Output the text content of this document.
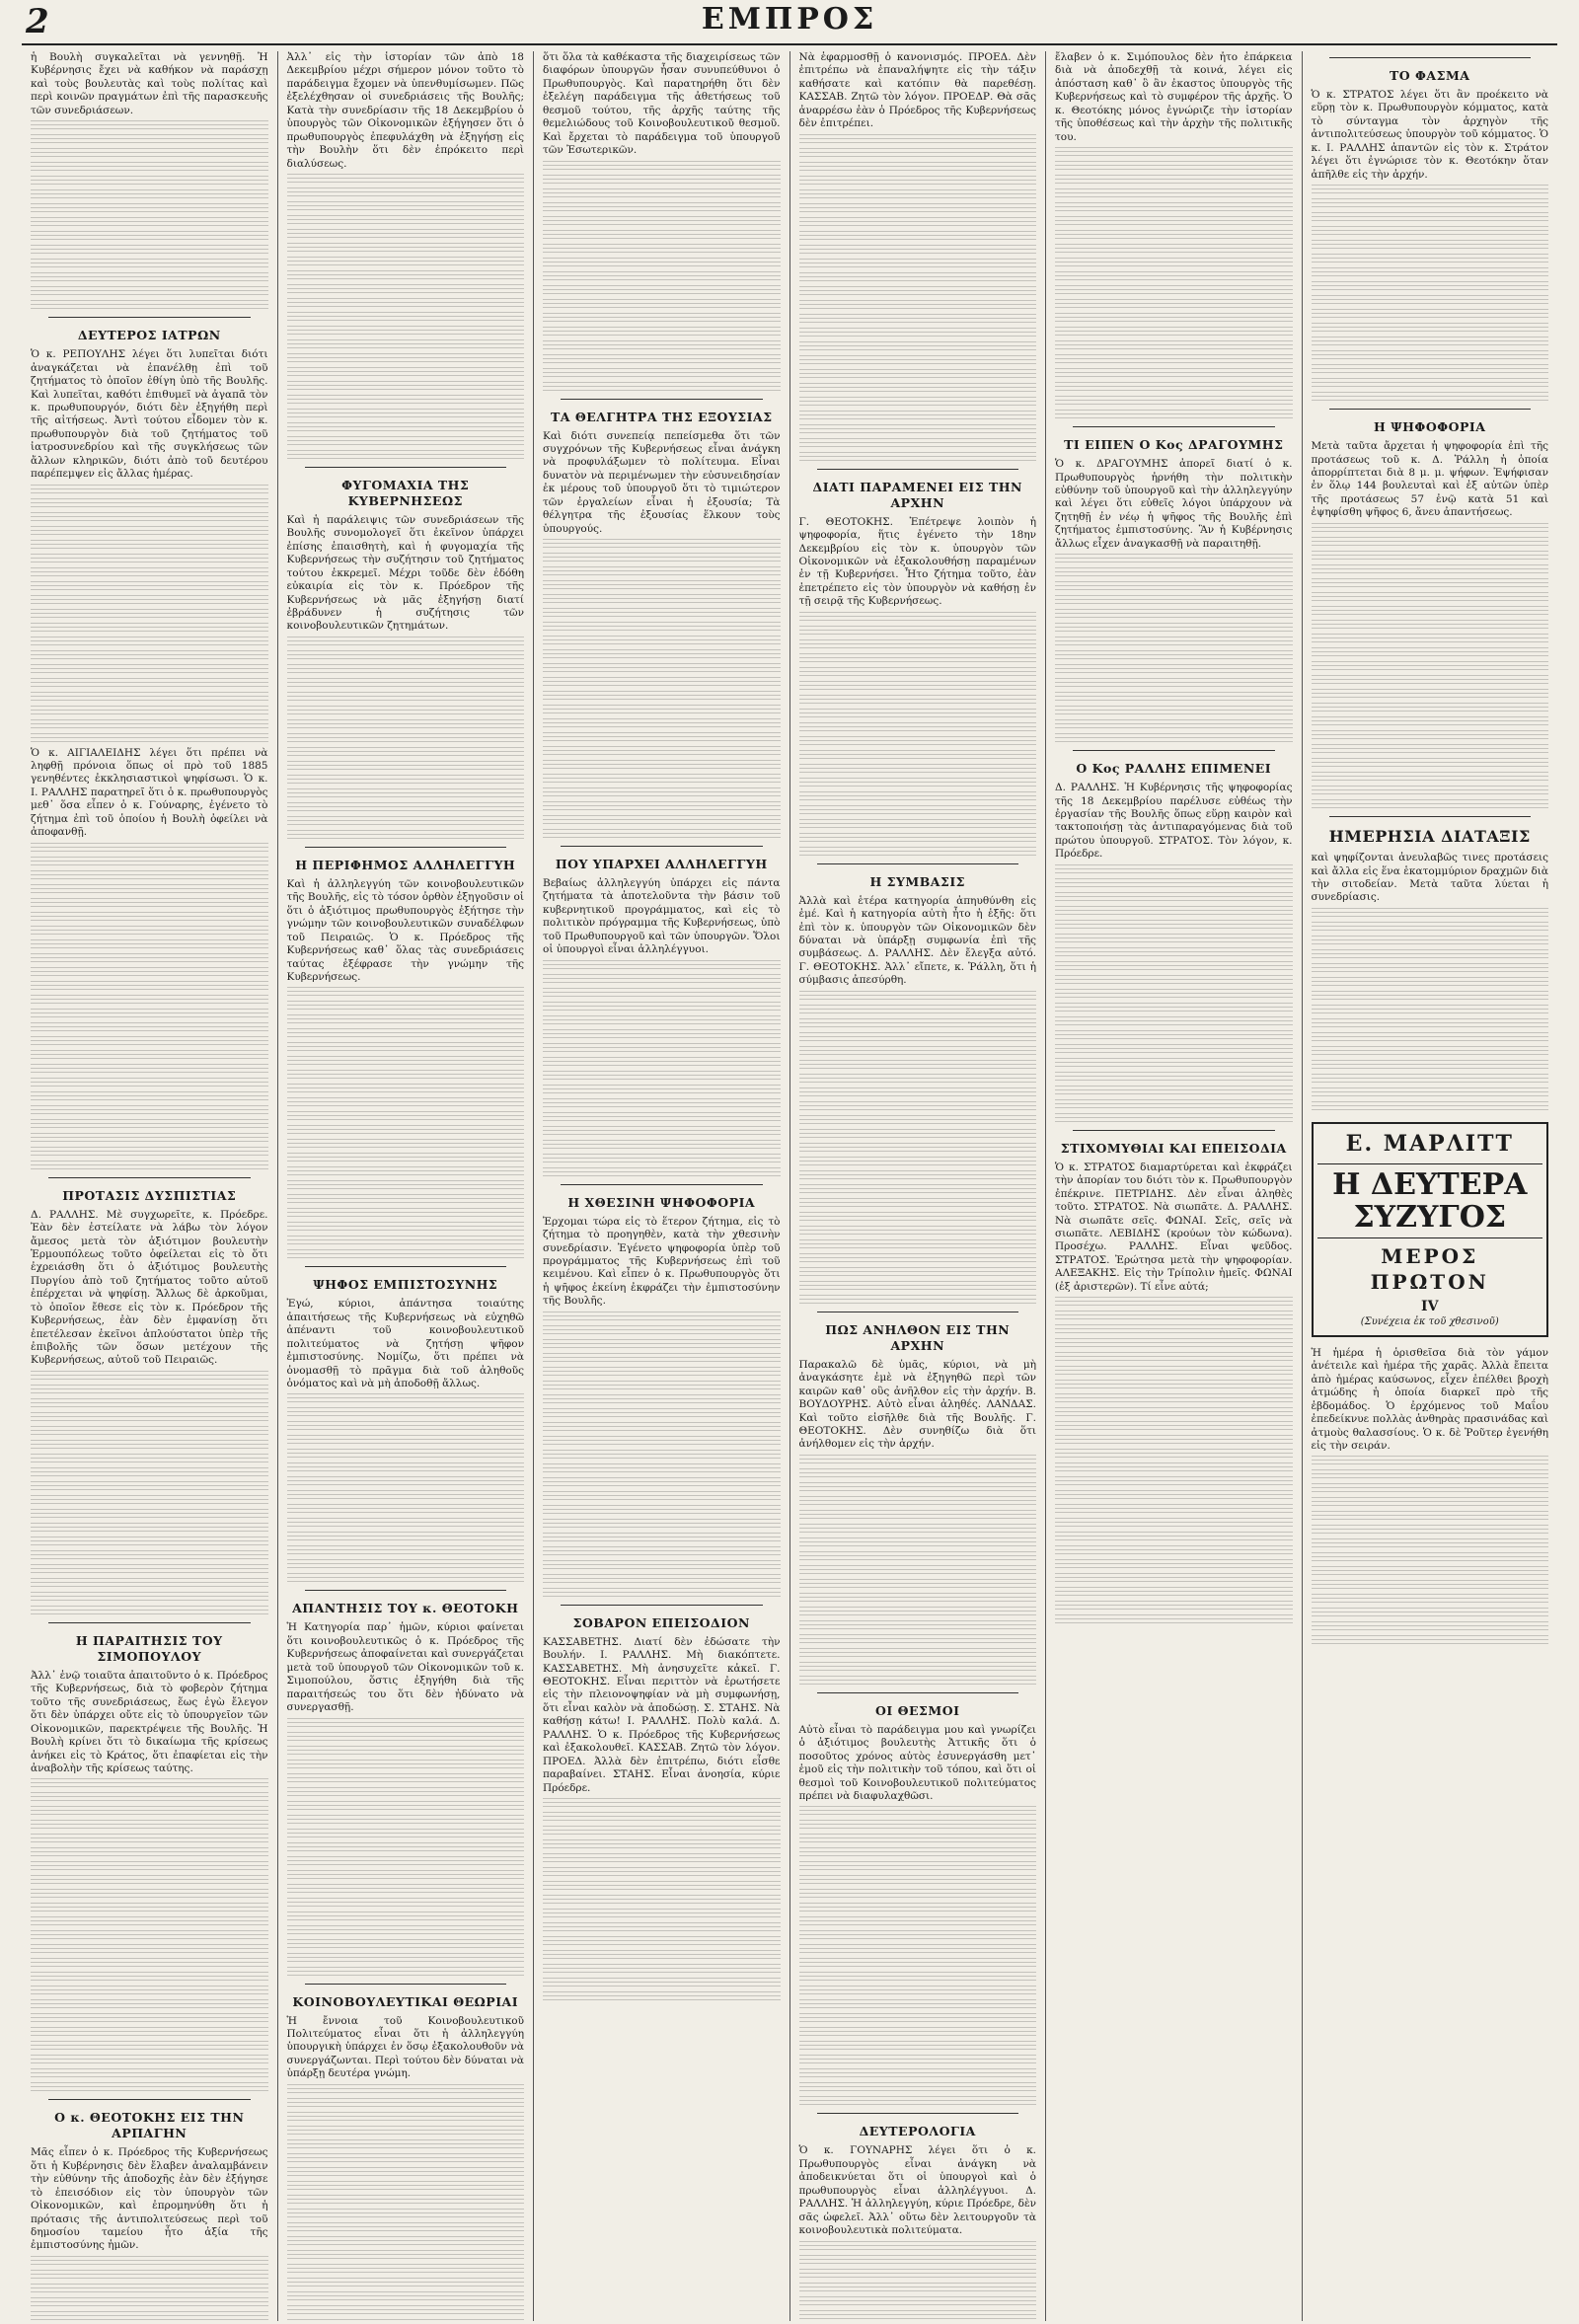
2	ΕΜΠΡΟΣ

ἡ Βουλὴ συγκαλεῖται νὰ γεννηθῇ. Ἡ Κυβέρνησις ἔχει νὰ καθήκον νὰ παράσχῃ καὶ τοὺς βουλευτὰς καὶ τοὺς πολίτας καὶ περὶ κοινῶν πραγμάτων ἐπὶ τῆς παρασκευῆς τῶν συνεδριάσεων.

ΔΕΥΤΕΡΟΣ ΙΑΤΡΩΝ

Ὁ κ. ΡΕΠΟΥΛΗΣ λέγει ὅτι λυπεῖται διότι ἀναγκάζεται νὰ ἐπανέλθῃ ἐπὶ τοῦ ζητήματος τὸ ὁποῖον ἐθίγη ὑπὸ τῆς Βουλῆς. Καὶ λυπεῖται, καθότι ἐπιθυμεῖ νὰ ἀγαπᾶ τὸν κ. πρωθυπουργόν, διότι δὲν ἐξηγήθη περὶ τῆς αἰτήσεως. Ἀντὶ τούτου εἶδομεν τὸν κ. πρωθυπουργὸν διὰ τοῦ ζητήματος τοῦ ἰατροσυνεδρίου καὶ τῆς συγκλήσεως τῶν ἄλλων κληρικῶν, διότι ἀπὸ τοῦ δευτέρου παρέπεμψεν εἰς ἄλλας ἡμέρας.

Ὁ κ. ΑΙΓΙΑΛΕΙΔΗΣ λέγει ὅτι πρέπει νὰ ληφθῇ πρόνοια ὅπως οἱ πρὸ τοῦ 1885 γενηθέντες ἐκκλησιαστικοὶ ψηφίσωσι. Ὁ κ. Ι. ΡΑΛΛΗΣ παρατηρεῖ ὅτι ὁ κ. πρωθυπουργὸς μεθ᾽ ὅσα εἶπεν ὁ κ. Γούναρης, ἐγένετο τὸ ζήτημα ἐπὶ τοῦ ὁποίου ἡ Βουλὴ ὀφείλει νὰ ἀποφανθῇ.

ΠΡΟΤΑΣΙΣ ΔΥΣΠΙΣΤΙΑΣ

Δ. ΡΑΛΛΗΣ. Μὲ συγχωρεῖτε, κ. Πρόεδρε. Ἐὰν δὲν ἐστείλατε νὰ λάβω τὸν λόγον ἄμεσος μετὰ τὸν ἀξιότιμον βουλευτὴν Ἑρμουπόλεως τοῦτο ὀφείλεται εἰς τὸ ὅτι ἐχρειάσθη ὅτι ὁ ἀξιότιμος βουλευτὴς Πυργίου ἀπὸ τοῦ ζητήματος τοῦτο αὐτοῦ ἐπέρχεται νὰ ψηφίσῃ. Ἄλλως δὲ ἀρκοῦμαι, τὸ ὁποῖον ἔθεσε εἰς τὸν κ. Πρόεδρον τῆς Κυβερνήσεως, ἐὰν δὲν ἐμφανίσῃ ὅτι ἐπετέλεσαν ἐκεῖνοι ἀπλούστατοι ὑπὲρ τῆς ἐπιβολῆς τῶν ὅσων μετέχουν τῆς Κυβερνήσεως, αὐτοῦ τοῦ Πειραιῶς.

Η ΠΑΡΑΙΤΗΣΙΣ ΤΟΥ ΣΙΜΟΠΟΥΛΟΥ

Ἀλλ᾽ ἐνῷ τοιαῦτα ἀπαιτοῦντο ὁ κ. Πρόεδρος τῆς Κυβερνήσεως, διὰ τὸ φοβερὸν ζήτημα τοῦτο τῆς συνεδριάσεως, ἕως ἐγὼ ἔλεγον ὅτι δὲν ὑπάρχει οὔτε εἰς τὸ ὑπουργεῖον τῶν Οἰκονομικῶν, παρεκτρέψειε τῆς Βουλῆς. Ἡ Βουλὴ κρίνει ὅτι τὸ δικαίωμα τῆς κρίσεως ἀνήκει εἰς τὸ Κράτος, ὅτι ἐπαφίεται εἰς τὴν ἀναβολὴν τῆς κρίσεως ταύτης.

Ο κ. ΘΕΟΤΟΚΗΣ ΕΙΣ ΤΗΝ ΑΡΠΑΓΗΝ

Μᾶς εἶπεν ὁ κ. Πρόεδρος τῆς Κυβερνήσεως ὅτι ἡ Κυβέρνησις δὲν ἔλαβεν ἀναλαμβάνειν τὴν εὐθύνην τῆς ἀποδοχῆς ἐὰν δὲν ἐξήγησε τὸ ἐπεισόδιον εἰς τὸν ὑπουργὸν τῶν Οἰκονομικῶν, καὶ ἐπρομηνύθη ὅτι ἡ πρότασις τῆς ἀντιπολιτεύσεως περὶ τοῦ δημοσίου ταμείου ἦτο ἀξία τῆς ἐμπιστοσύνης ἡμῶν.

Ἀλλ᾽ εἰς τὴν ἱστορίαν τῶν ἀπὸ 18 Δεκεμβρίου μέχρι σήμερον μόνον τοῦτο τὸ παράδειγμα ἔχομεν νὰ ὑπενθυμίσωμεν. Πῶς ἐξελέχθησαν οἱ συνεδριάσεις τῆς Βουλῆς; Κατὰ τὴν συνεδρίασιν τῆς 18 Δεκεμβρίου ὁ ὑπουργὸς τῶν Οἰκονομικῶν ἐξήγησεν ὅτι ὁ πρωθυπουργὸς ἐπεφυλάχθη νὰ ἐξηγήσῃ εἰς τὴν Βουλὴν ὅτι δὲν ἐπρόκειτο περὶ διαλύσεως.

ΦΥΓΟΜΑΧΙΑ ΤΗΣ ΚΥΒΕΡΝΗΣΕΩΣ

Καὶ ἡ παράλειψις τῶν συνεδριάσεων τῆς Βουλῆς συνομολογεῖ ὅτι ἐκεῖνον ὑπάρχει ἐπίσης ἐπαισθητὴ, καὶ ἡ φυγομαχία τῆς Κυβερνήσεως τὴν συζήτησιν τοῦ ζητήματος τούτου ἐκκρεμεῖ. Μέχρι τοῦδε δὲν ἐδόθη εὐκαιρία εἰς τὸν κ. Πρόεδρον τῆς Κυβερνήσεως νὰ μᾶς ἐξηγήσῃ διατί ἐβράδυνεν ἡ συζήτησις τῶν κοινοβουλευτικῶν ζητημάτων.

Η ΠΕΡΙΦΗΜΟΣ ΑΛΛΗΛΕΓΓΥΗ

Καὶ ἡ ἀλληλεγγύη τῶν κοινοβουλευτικῶν τῆς Βουλῆς, εἰς τὸ τόσον ὀρθὸν ἐξηγοῦσιν οἱ ὅτι ὁ ἀξιότιμος πρωθυπουργὸς ἐξήτησε τὴν γνώμην τῶν κοινοβουλευτικῶν συναδέλφων τοῦ Πειραιῶς. Ὁ κ. Πρόεδρος τῆς Κυβερνήσεως καθ᾽ ὅλας τὰς συνεδριάσεις ταύτας ἐξέφρασε τὴν γνώμην τῆς Κυβερνήσεως.

ΨΗΦΟΣ ΕΜΠΙΣΤΟΣΥΝΗΣ

Ἐγώ, κύριοι, ἀπάντησα τοιαύτης ἀπαιτήσεως τῆς Κυβερνήσεως νὰ εὐχηθῶ ἀπέναντι τοῦ κοινοβουλευτικοῦ πολιτεύματος νὰ ζητήσῃ ψῆφον ἐμπιστοσύνης. Νομίζω, ὅτι πρέπει νὰ ὀνομασθῇ τὸ πρᾶγμα διὰ τοῦ ἀληθοῦς ὀνόματος καὶ νὰ μὴ ἀποδοθῇ ἄλλως.

ΑΠΑΝΤΗΣΙΣ ΤΟΥ κ. ΘΕΟΤΟΚΗ

Ἡ Κατηγορία παρ᾽ ἡμῶν, κύριοι φαίνεται ὅτι κοινοβουλευτικῶς ὁ κ. Πρόεδρος τῆς Κυβερνήσεως ἀποφαίνεται καὶ συνεργάζεται μετὰ τοῦ ὑπουργοῦ τῶν Οἰκονομικῶν τοῦ κ. Σιμοπούλου, ὅστις ἐξηγήθη διὰ τῆς παραιτήσεώς του ὅτι δὲν ἠδύνατο νὰ συνεργασθῇ.

ΚΟΙΝΟΒΟΥΛΕΥΤΙΚΑΙ ΘΕΩΡΙΑΙ

Ἡ ἔννοια τοῦ Κοινοβουλευτικοῦ Πολιτεύματος εἶναι ὅτι ἡ ἀλληλεγγύη ὑπουργικὴ ὑπάρχει ἐν ὅσῳ ἐξακολουθοῦν νὰ συνεργάζωνται. Περὶ τούτου δὲν δύναται νὰ ὑπάρξῃ δευτέρα γνώμη.

ὅτι ὅλα τὰ καθέκαστα τῆς διαχειρίσεως τῶν διαφόρων ὑπουργῶν ἦσαν συνυπεύθυνοι ὁ Πρωθυπουργὸς. Καὶ παρατηρήθη ὅτι δὲν ἐξελέγη παράδειγμα τῆς ἀθετήσεως τοῦ θεσμοῦ τούτου, τῆς ἀρχῆς ταύτης τῆς θεμελιώδους τοῦ Κοινοβουλευτικοῦ θεσμοῦ. Καὶ ἔρχεται τὸ παράδειγμα τοῦ ὑπουργοῦ τῶν Ἐσωτερικῶν.

ΤΑ ΘΕΛΓΗΤΡΑ ΤΗΣ ΕΞΟΥΣΙΑΣ

Καὶ διότι συνεπείᾳ πεπείσμεθα ὅτι τῶν συγχρόνων τῆς Κυβερνήσεως εἶναι ἀνάγκη νὰ προφυλάξωμεν τὸ πολίτευμα. Εἶναι δυνατὸν νὰ περιμένωμεν τὴν εὐσυνειδησίαν ἐκ μέρους τοῦ ὑπουργοῦ ὅτι τὸ τιμιώτερον τῶν ἐργαλείων εἶναι ἡ ἐξουσία; Τὰ θέλγητρα τῆς ἐξουσίας ἕλκουν τοὺς ὑπουργούς.

ΠΟΥ ΥΠΑΡΧΕΙ ΑΛΛΗΛΕΓΓΥΗ

Βεβαίως ἀλληλεγγύη ὑπάρχει εἰς πάντα ζητήματα τὰ ἀποτελοῦντα τὴν βάσιν τοῦ κυβερνητικοῦ προγράμματος, καὶ εἰς τὸ πολιτικὸν πρόγραμμα τῆς Κυβερνήσεως, ὑπὸ τοῦ Πρωθυπουργοῦ καὶ τῶν ὑπουργῶν. Ὅλοι οἱ ὑπουργοὶ εἶναι ἀλληλέγγυοι.

Η ΧΘΕΣΙΝΗ ΨΗΦΟΦΟΡΙΑ

Ἐρχομαι τώρα εἰς τὸ ἕτερον ζήτημα, εἰς τὸ ζήτημα τὸ προηγηθὲν, κατὰ τὴν χθεσινὴν συνεδρίασιν. Ἐγένετο ψηφοφορία ὑπὲρ τοῦ προγράμματος τῆς Κυβερνήσεως ἐπὶ τοῦ κειμένου. Καὶ εἶπεν ὁ κ. Πρωθυπουργὸς ὅτι ἡ ψῆφος ἐκείνη ἐκφράζει τὴν ἐμπιστοσύνην τῆς Βουλῆς.

ΣΟΒΑΡΟΝ ΕΠΕΙΣΟΔΙΟΝ

ΚΑΣΣΑΒΕΤΗΣ. Διατί δὲν ἐδώσατε τὴν Βουλήν. Ι. ΡΑΛΛΗΣ. Μὴ διακόπτετε. ΚΑΣΣΑΒΕΤΗΣ. Μὴ ἀνησυχεῖτε κἀκεῖ. Γ. ΘΕΟΤΟΚΗΣ. Εἶναι περιττὸν νὰ ἐρωτήσετε εἰς τὴν πλειονοψηφίαν νὰ μὴ συμφωνήσῃ, ὅτι εἶναι καλὸν νὰ ἀποδώσῃ. Σ. ΣΤΑΗΣ. Νὰ καθήσῃ κάτω! Ι. ΡΑΛΛΗΣ. Πολὺ καλά. Δ. ΡΑΛΛΗΣ. Ὁ κ. Πρόεδρος τῆς Κυβερνήσεως καὶ ἐξακολουθεῖ. ΚΑΣΣΑΒ. Ζητῶ τὸν λόγον. ΠΡΟΕΔ. Ἀλλὰ δὲν ἐπιτρέπω, διότι εἶσθε παραβαίνει. ΣΤΑΗΣ. Εἶναι ἀνοησία, κύριε Πρόεδρε.

Νὰ ἐφαρμοσθῇ ὁ κανονισμός. ΠΡΟΕΔ. Δὲν ἐπιτρέπω νὰ ἐπαναλήψητε εἰς τὴν τάξιν καθήσατε καὶ κατόπιν θὰ παρεθέσῃ. ΚΑΣΣΑΒ. Ζητῶ τὸν λόγον. ΠΡΟΕΔΡ. Θὰ σᾶς ἀναρρέσω ἐὰν ὁ Πρόεδρος τῆς Κυβερνήσεως δὲν ἐπιτρέπει.

ΔΙΑΤΙ ΠΑΡΑΜΕΝΕΙ ΕΙΣ ΤΗΝ ΑΡΧΗΝ

Γ. ΘΕΟΤΟΚΗΣ. Ἐπέτρεψε λοιπὸν ἡ ψηφοφορία, ἥτις ἐγένετο τὴν 18ην Δεκεμβρίου εἰς τὸν κ. ὑπουργὸν τῶν Οἰκονομικῶν νὰ ἐξακολουθήσῃ παραμένων ἐν τῇ Κυβερνήσει. Ἦτο ζήτημα τοῦτο, ἐὰν ἐπετρέπετο εἰς τὸν ὑπουργὸν νὰ καθήσῃ ἐν τῇ σειρᾷ τῆς Κυβερνήσεως.

Η ΣΥΜΒΑΣΙΣ

Ἀλλὰ καὶ ἑτέρα κατηγορία ἀπηυθύνθη εἰς ἐμέ. Καὶ ἡ κατηγορία αὐτὴ ἦτο ἡ ἑξῆς: ὅτι ἐπὶ τὸν κ. ὑπουργὸν τῶν Οἰκονομικῶν δὲν δύναται νὰ ὑπάρξῃ συμφωνία ἐπὶ τῆς συμβάσεως. Δ. ΡΑΛΛΗΣ. Δὲν ἔλεγξα αὐτό. Γ. ΘΕΟΤΟΚΗΣ. Ἀλλ᾽ εἴπετε, κ. Ῥάλλη, ὅτι ἡ σύμβασις ἀπεσύρθη.

ΠΩΣ ΑΝΗΛΘΟΝ ΕΙΣ ΤΗΝ ΑΡΧΗΝ

Παρακαλῶ δὲ ὑμᾶς, κύριοι, νὰ μὴ ἀναγκάσητε ἐμὲ νὰ ἐξηγηθῶ περὶ τῶν καιρῶν καθ᾽ οὓς ἀνῆλθον εἰς τὴν ἀρχήν. Β. ΒΟΥΔΟΥΡΗΣ. Αὐτὸ εἶναι ἀληθές. ΛΑΝΔΑΣ. Καὶ τοῦτο εἰσῆλθε διὰ τῆς Βουλῆς. Γ. ΘΕΟΤΟΚΗΣ. Δὲν συνηθίζω διὰ ὅτι ἀνήλθομεν εἰς τὴν ἀρχήν.

ΟΙ ΘΕΣΜΟΙ

Αὐτὸ εἶναι τὸ παράδειγμα μου καὶ γνωρίζει ὁ ἀξιότιμος βουλευτὴς Ἀττικῆς ὅτι ὁ ποσοῦτος χρόνος αὐτὸς ἐσυνεργάσθη μετ᾽ ἐμοῦ εἰς τὴν πολιτικὴν τοῦ τόπου, καὶ ὅτι οἱ θεσμοὶ τοῦ Κοινοβουλευτικοῦ πολιτεύματος πρέπει νὰ διαφυλαχθῶσι.

ΔΕΥΤΕΡΟΛΟΓΙΑ

Ὁ κ. ΓΟΥΝΑΡΗΣ λέγει ὅτι ὁ κ. Πρωθυπουργὸς εἶναι ἀνάγκη νὰ ἀποδεικνύεται ὅτι οἱ ὑπουργοὶ καὶ ὁ πρωθυπουργὸς εἶναι ἀλληλέγγυοι. Δ. ΡΑΛΛΗΣ. Ἡ ἀλληλεγγύη, κύριε Πρόεδρε, δὲν σᾶς ὠφελεῖ. Ἀλλ᾽ οὔτω δὲν λειτουργοῦν τὰ κοινοβουλευτικὰ πολιτεύματα.

ἔλαβεν ὁ κ. Σιμόπουλος δὲν ἦτο ἐπάρκεια διὰ νὰ ἀποδεχθῇ τὰ κοινά, λέγει εἰς ἀπόσταση καθ᾽ ὃ ἂν ἐκαστος ὑπουργὸς τῆς Κυβερνήσεως καὶ τὸ συμφέρον τῆς ἀρχῆς. Ὁ κ. Θεοτόκης μόνος ἐγνώριζε τὴν ἱστορίαν τῆς ὑποθέσεως καὶ τὴν ἀρχὴν τῆς πολιτικῆς του.

ΤΙ ΕΙΠΕΝ Ο Κος ΔΡΑΓΟΥΜΗΣ

Ὁ κ. ΔΡΑΓΟΥΜΗΣ ἀπορεῖ διατί ὁ κ. Πρωθυπουργὸς ἠρνήθη τὴν πολιτικὴν εὐθύνην τοῦ ὑπουργοῦ καὶ τὴν ἀλληλεγγύην καὶ λέγει ὅτι εὐθεῖς λόγοι ὑπάρχουν νὰ ζητηθῇ ἐν νέῳ ἡ ψῆφος τῆς Βουλῆς ἐπὶ ζητήματος ἐμπιστοσύνης. Ἂν ἡ Κυβέρνησις ἄλλως εἶχεν ἀναγκασθῇ νὰ παραιτηθῇ.

Ο Κος ΡΑΛΛΗΣ ΕΠΙΜΕΝΕΙ

Δ. ΡΑΛΛΗΣ. Ἡ Κυβέρνησις τῆς ψηφοφορίας τῆς 18 Δεκεμβρίου παρέλυσε εὐθέως τὴν ἐργασίαν τῆς Βουλῆς ὅπως εὕρῃ καιρὸν καὶ τακτοποιήσῃ τὰς ἀντιπαραγόμενας διὰ τοῦ πρώτου ὑπουργοῦ. ΣΤΡΑΤΟΣ. Τὸν λόγον, κ. Πρόεδρε.

ΣΤΙΧΟΜΥΘΙΑΙ ΚΑΙ ΕΠΕΙΣΟΔΙΑ

Ὁ κ. ΣΤΡΑΤΟΣ διαμαρτύρεται καὶ ἐκφράζει τὴν ἀπορίαν του διότι τὸν κ. Πρωθυπουργὸν ἐπέκρινε. ΠΕΤΡΙΔΗΣ. Δὲν εἶναι ἀληθὲς τοῦτο. ΣΤΡΑΤΟΣ. Νὰ σιωπᾶτε. Δ. ΡΑΛΛΗΣ. Νὰ σιωπᾶτε σεῖς. ΦΩΝΑΙ. Σεῖς, σεῖς νὰ σιωπᾶτε. ΛΕΒΙΔΗΣ (κρούων τὸν κώδωνα). Προσέχω. ΡΑΛΛΗΣ. Εἶναι ψεῦδος. ΣΤΡΑΤΟΣ. Ἐρώτησα μετὰ τὴν ψηφοφορίαν. ΑΛΕΞΑΚΗΣ. Εἰς τὴν Τρίπολιν ἡμεῖς. ΦΩΝΑΙ (ἐξ ἀριστερῶν). Τί εἶνε αὐτά;

ΤΟ ΦΑΣΜΑ

Ὁ κ. ΣΤΡΑΤΟΣ λέγει ὅτι ἂν προέκειτο νὰ εὕρῃ τὸν κ. Πρωθυπουργὸν κόμματος, κατὰ τὸ σύνταγμα τὸν ἀρχηγὸν τῆς ἀντιπολιτεύσεως ὑπουργὸν τοῦ κόμματος. Ὁ κ. Ι. ΡΑΛΛΗΣ ἀπαντῶν εἰς τὸν κ. Στράτον λέγει ὅτι ἐγνώρισε τὸν κ. Θεοτόκην ὅταν ἀπῆλθε εἰς τὴν ἀρχήν.

Η ΨΗΦΟΦΟΡΙΑ

Μετὰ ταῦτα ἄρχεται ἡ ψηφοφορία ἐπὶ τῆς προτάσεως τοῦ κ. Δ. Ῥάλλη ἡ ὁποία ἀπορρίπτεται διὰ 8 μ. μ. ψήφων. Ἐψήφισαν ἐν ὅλῳ 144 βουλευταὶ καὶ ἐξ αὐτῶν ὑπὲρ τῆς προτάσεως 57 ἐνῷ κατὰ 51 καὶ ἐψηφίσθη ψῆφος 6, ἄνευ ἀπαντήσεως.

ΗΜΕΡΗΣΙΑ ΔΙΑΤΑΞΙΣ

καὶ ψηφίζονται ἀνευλαβῶς τινες προτάσεις καὶ ἄλλα εἰς ἕνα ἑκατομμύριον δραχμῶν διὰ τὴν σιτοδείαν. Μετὰ ταῦτα λύεται ἡ συνεδρίασις.

Ε. ΜΑΡΛΙΤΤ
Η ΔΕΥΤΕΡΑ ΣΥΖΥΓΟΣ
ΜΕΡΟΣ ΠΡΩΤΟΝ
IV
(Συνέχεια ἐκ τοῦ χθεσινοῦ)

Ἡ ἡμέρα ἡ ὁρισθεῖσα διὰ τὸν γάμον ἀνέτειλε καὶ ἡμέρα τῆς χαρᾶς. Ἀλλὰ ἔπειτα ἀπὸ ἡμέρας καύσωνος, εἶχεν ἐπέλθει βροχὴ ἀτμώδης ἡ ὁποία διαρκεῖ πρὸ τῆς ἐβδομάδος. Ὁ ἐρχόμενος τοῦ Μαΐου ἐπεδείκνυε πολλὰς ἀνθηρὰς πρασινάδας καὶ ἀτμοὺς θαλασσίους. Ὁ κ. δὲ Ῥοῦτερ ἐγενήθη εἰς τὴν σειράν.
